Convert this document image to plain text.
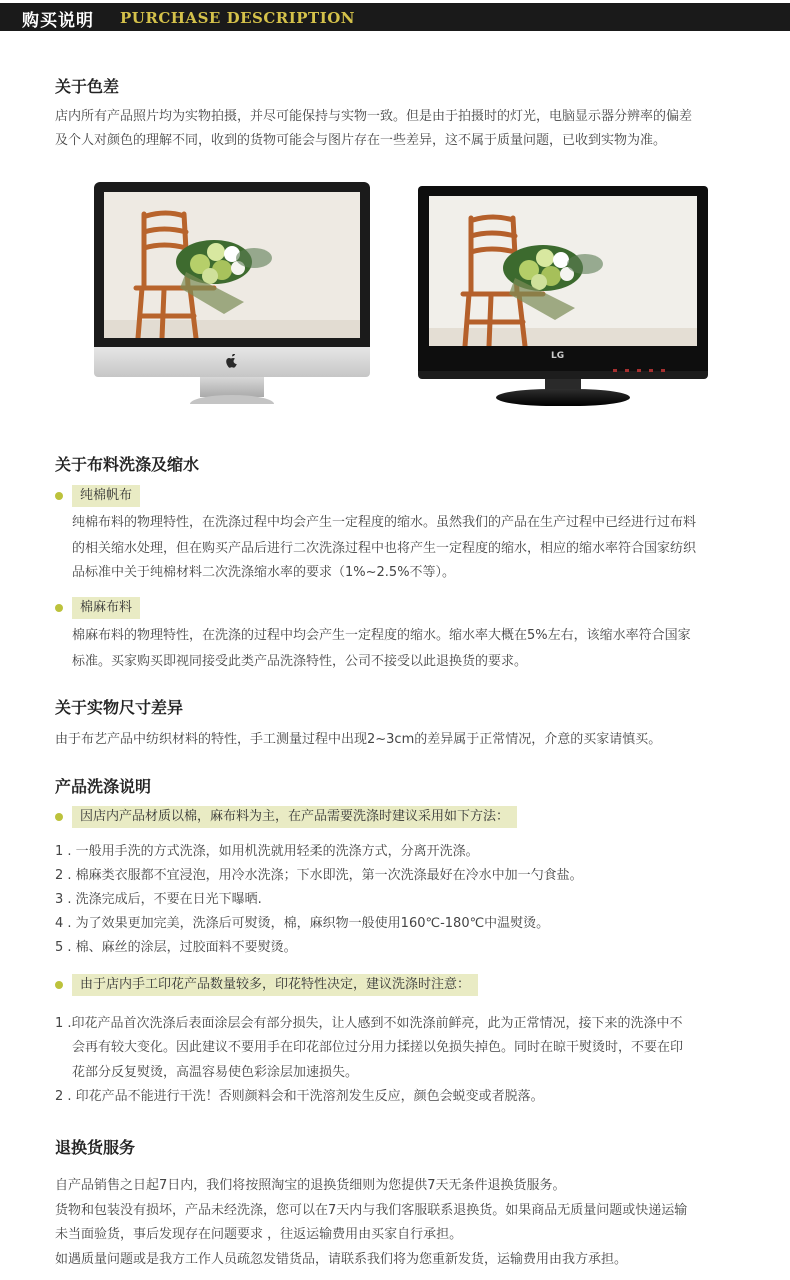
购买说明 PURCHASE DESCRIPTION
关于色差

店内所有产品照片均为实物拍摄，并尽可能保持与实物一致。但是由于拍摄时的灯光，电脑显示器分辨率的偏差

及个人对颜色的理解不同，收到的货物可能会与图片存在一些差异，这不属于质量问题，已收到实物为准。

LG
关于布料洗涤及缩水
纯棉帆布

纯棉布料的物理特性，在洗涤过程中均会产生一定程度的缩水。虽然我们的产品在生产过程中已经进行过布料

的相关缩水处理，但在购买产品后进行二次洗涤过程中也将产生一定程度的缩水，相应的缩水率符合国家纺织

品标准中关于纯棉材料二次洗涤缩水率的要求（1%~2.5%不等）。

棉麻布料

棉麻布料的物理特性，在洗涤的过程中均会产生一定程度的缩水。缩水率大概在5%左右，该缩水率符合国家

标准。买家购买即视同接受此类产品洗涤特性，公司不接受以此退换货的要求。

关于实物尺寸差异

由于布艺产品中纺织材料的特性，手工测量过程中出现2~3cm的差异属于正常情况，介意的买家请慎买。

产品洗涤说明
因店内产品材质以棉，麻布料为主，在产品需要洗涤时建议采用如下方法：

1 . 一般用手洗的方式洗涤，如用机洗就用轻柔的洗涤方式，分离开洗涤。

2 . 棉麻类衣服都不宜浸泡，用冷水洗涤；下水即洗，第一次洗涤最好在冷水中加一勺食盐。

3 . 洗涤完成后，不要在日光下曝晒.

4 . 为了效果更加完美，洗涤后可熨烫，棉，麻织物一般使用160℃-180℃中温熨烫。

5 . 棉、麻丝的涂层，过胶面料不要熨烫。

由于店内手工印花产品数量较多，印花特性决定，建议洗涤时注意：

1 .印花产品首次洗涤后表面涂层会有部分损失，让人感到不如洗涤前鲜亮，此为正常情况，接下来的洗涤中不

会再有较大变化。因此建议不要用手在印花部位过分用力揉搓以免损失掉色。同时在晾干熨烫时，不要在印

花部分反复熨烫，高温容易使色彩涂层加速损失。

2 . 印花产品不能进行干洗！否则颜料会和干洗溶剂发生反应，颜色会蜕变或者脱落。

退换货服务

自产品销售之日起7日内，我们将按照淘宝的退换货细则为您提供7天无条件退换货服务。

货物和包装没有损坏，产品未经洗涤，您可以在7天内与我们客服联系退换货。如果商品无质量问题或快递运输

未当面验货，事后发现存在问题要求 ，往返运输费用由买家自行承担。

如遇质量问题或是我方工作人员疏忽发错货品，请联系我们将为您重新发货，运输费用由我方承担。
